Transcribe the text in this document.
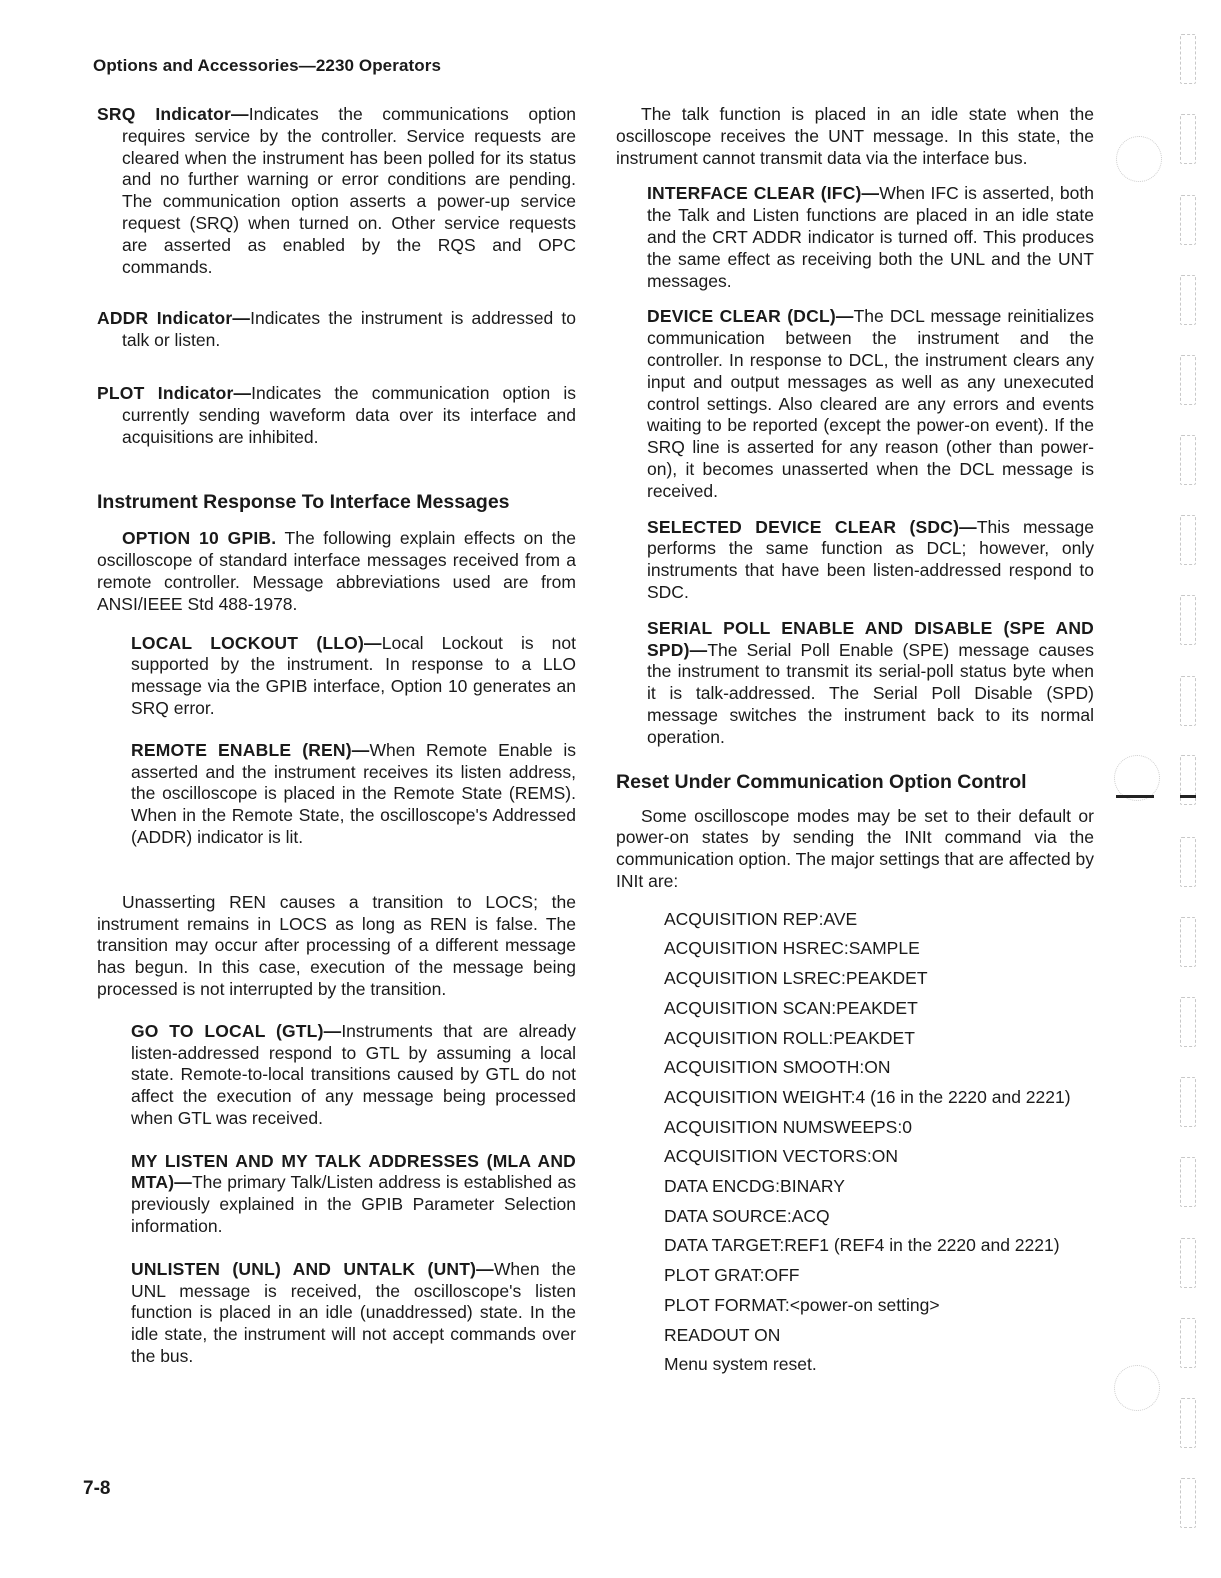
Options and Accessories—2230 Operators

SRQ Indicator—Indicates the communications option requires service by the controller. Service requests are cleared when the instrument has been polled for its status and no further warning or error conditions are pending. The communication option asserts a power-up service request (SRQ) when turned on. Other service requests are asserted as enabled by the RQS and OPC commands.

ADDR Indicator—Indicates the instrument is addressed to talk or listen.

PLOT Indicator—Indicates the communication option is currently sending waveform data over its interface and acquisitions are inhibited.

Instrument Response To Interface Messages

OPTION 10 GPIB. The following explain effects on the oscilloscope of standard interface messages received from a remote controller. Message abbreviations used are from ANSI/IEEE Std 488-1978.

LOCAL LOCKOUT (LLO)—Local Lockout is not supported by the instrument. In response to a LLO message via the GPIB interface, Option 10 generates an SRQ error.

REMOTE ENABLE (REN)—When Remote Enable is asserted and the instrument receives its listen address, the oscilloscope is placed in the Remote State (REMS). When in the Remote State, the oscilloscope's Addressed (ADDR) indicator is lit.

Unasserting REN causes a transition to LOCS; the instrument remains in LOCS as long as REN is false. The transition may occur after processing of a different message has begun. In this case, execution of the message being processed is not interrupted by the transition.

GO TO LOCAL (GTL)—Instruments that are already listen-addressed respond to GTL by assuming a local state. Remote-to-local transitions caused by GTL do not affect the execution of any message being processed when GTL was received.

MY LISTEN AND MY TALK ADDRESSES (MLA AND MTA)—The primary Talk/Listen address is established as previously explained in the GPIB Parameter Selection information.

UNLISTEN (UNL) AND UNTALK (UNT)—When the UNL message is received, the oscilloscope's listen function is placed in an idle (unaddressed) state. In the idle state, the instrument will not accept commands over the bus.

The talk function is placed in an idle state when the oscilloscope receives the UNT message. In this state, the instrument cannot transmit data via the interface bus.

INTERFACE CLEAR (IFC)—When IFC is asserted, both the Talk and Listen functions are placed in an idle state and the CRT ADDR indicator is turned off. This produces the same effect as receiving both the UNL and the UNT messages.

DEVICE CLEAR (DCL)—The DCL message reinitializes communication between the instrument and the controller. In response to DCL, the instrument clears any input and output messages as well as any unexecuted control settings. Also cleared are any errors and events waiting to be reported (except the power-on event). If the SRQ line is asserted for any reason (other than power-on), it becomes unasserted when the DCL message is received.

SELECTED DEVICE CLEAR (SDC)—This message performs the same function as DCL; however, only instruments that have been listen-addressed respond to SDC.

SERIAL POLL ENABLE AND DISABLE (SPE AND SPD)—The Serial Poll Enable (SPE) message causes the instrument to transmit its serial-poll status byte when it is talk-addressed. The Serial Poll Disable (SPD) message switches the instrument back to its normal operation.

Reset Under Communication Option Control

Some oscilloscope modes may be set to their default or power-on states by sending the INIt command via the communication option. The major settings that are affected by INIt are:

ACQUISITION REP:AVE
ACQUISITION HSREC:SAMPLE
ACQUISITION LSREC:PEAKDET
ACQUISITION SCAN:PEAKDET
ACQUISITION ROLL:PEAKDET
ACQUISITION SMOOTH:ON
ACQUISITION WEIGHT:4 (16 in the 2220 and 2221)
ACQUISITION NUMSWEEPS:0
ACQUISITION VECTORS:ON
DATA ENCDG:BINARY
DATA SOURCE:ACQ
DATA TARGET:REF1 (REF4 in the 2220 and 2221)
PLOT GRAT:OFF
PLOT FORMAT:<power-on setting>
READOUT ON
Menu system reset.
7-8
